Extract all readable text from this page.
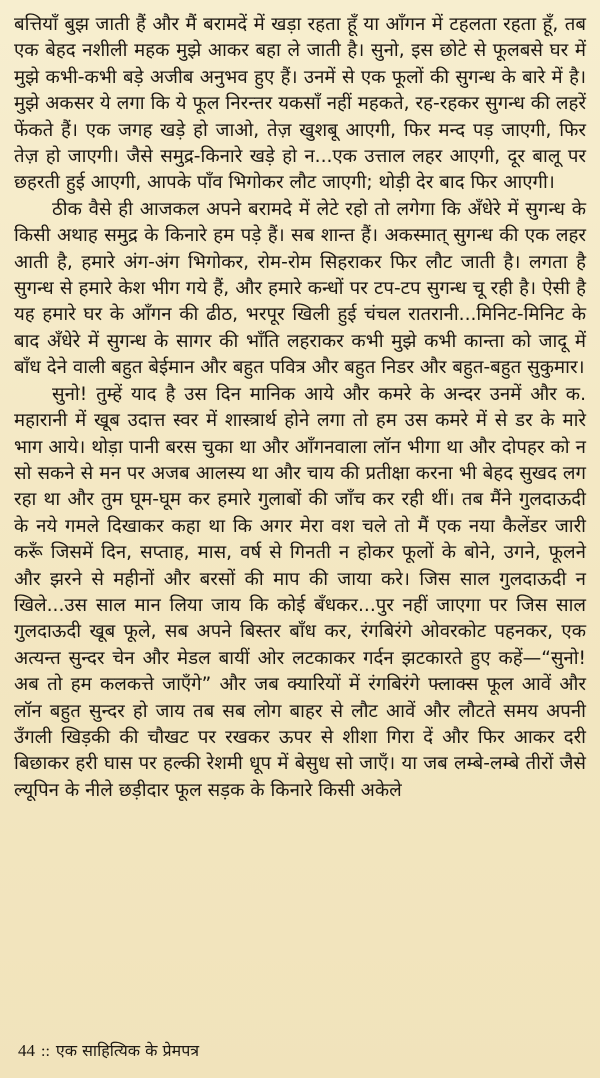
बत्तियाँ बुझ जाती हैं और मैं बरामदें में खड़ा रहता हूँ या आँगन में टहलता रहता हूँ, तब एक बेहद नशीली महक मुझे आकर बहा ले जाती है। सुनो, इस छोटे से फूलबसे घर में मुझे कभी-कभी बड़े अजीब अनुभव हुए हैं। उनमें से एक फूलों की सुगन्ध के बारे में है। मुझे अकसर ये लगा कि ये फूल निरन्तर यकसाँ नहीं महकते, रह-रहकर सुगन्ध की लहरें फेंकते हैं। एक जगह खड़े हो जाओ, तेज़ खुशबू आएगी, फिर मन्द पड़ जाएगी, फिर तेज़ हो जाएगी। जैसे समुद्र-किनारे खड़े हो न...एक उत्ताल लहर आएगी, दूर बालू पर छहरती हुई आएगी, आपके पाँव भिगोकर लौट जाएगी; थोड़ी देर बाद फिर आएगी।

ठीक वैसे ही आजकल अपने बरामदे में लेटे रहो तो लगेगा कि अँधेरे में सुगन्ध के किसी अथाह समुद्र के किनारे हम पड़े हैं। सब शान्त हैं। अकस्मात् सुगन्ध की एक लहर आती है, हमारे अंग-अंग भिगोकर, रोम-रोम सिहराकर फिर लौट जाती है। लगता है सुगन्ध से हमारे केश भीग गये हैं, और हमारे कन्धों पर टप-टप सुगन्ध चू रही है। ऐसी है यह हमारे घर के आँगन की ढीठ, भरपूर खिली हुई चंचल रातरानी...मिनिट-मिनिट के बाद अँधेरे में सुगन्ध के सागर की भाँति लहराकर कभी मुझे कभी कान्ता को जादू में बाँध देने वाली बहुत बेईमान और बहुत पवित्र और बहुत निडर और बहुत-बहुत सुकुमार।

सुनो! तुम्हें याद है उस दिन मानिक आये और कमरे के अन्दर उनमें और क. महारानी में खूब उदात्त स्वर में शास्त्रार्थ होने लगा तो हम उस कमरे में से डर के मारे भाग आये। थोड़ा पानी बरस चुका था और आँगनवाला लॉन भीगा था और दोपहर को न सो सकने से मन पर अजब आलस्य था और चाय की प्रतीक्षा करना भी बेहद सुखद लग रहा था और तुम घूम-घूम कर हमारे गुलाबों की जाँच कर रही थीं। तब मैंने गुलदाऊदी के नये गमले दिखाकर कहा था कि अगर मेरा वश चले तो मैं एक नया कैलेंडर जारी करूँ जिसमें दिन, सप्ताह, मास, वर्ष से गिनती न होकर फूलों के बोने, उगने, फूलने और झरने से महीनों और बरसों की माप की जाया करे। जिस साल गुलदाऊदी न खिले...उस साल मान लिया जाय कि कोई बँधकर...पुर नहीं जाएगा पर जिस साल गुलदाऊदी खूब फूले, सब अपने बिस्तर बाँध कर, रंगबिरंगे ओवरकोट पहनकर, एक अत्यन्त सुन्दर चेन और मेडल बायीं ओर लटकाकर गर्दन झटकारते हुए कहें—“सुनो! अब तो हम कलकत्ते जाएँगे” और जब क्यारियों में रंगबिरंगे फ्लाक्स फूल आवें और लॉन बहुत सुन्दर हो जाय तब सब लोग बाहर से लौट आवें और लौटते समय अपनी उँगली खिड़की की चौखट पर रखकर ऊपर से शीशा गिरा दें और फिर आकर दरी बिछाकर हरी घास पर हल्की रेशमी धूप में बेसुध सो जाएँ। या जब लम्बे-लम्बे तीरों जैसे ल्यूपिन के नीले छड़ीदार फूल सड़क के किनारे किसी अकेले

44 :: एक साहित्यिक के प्रेमपत्र
